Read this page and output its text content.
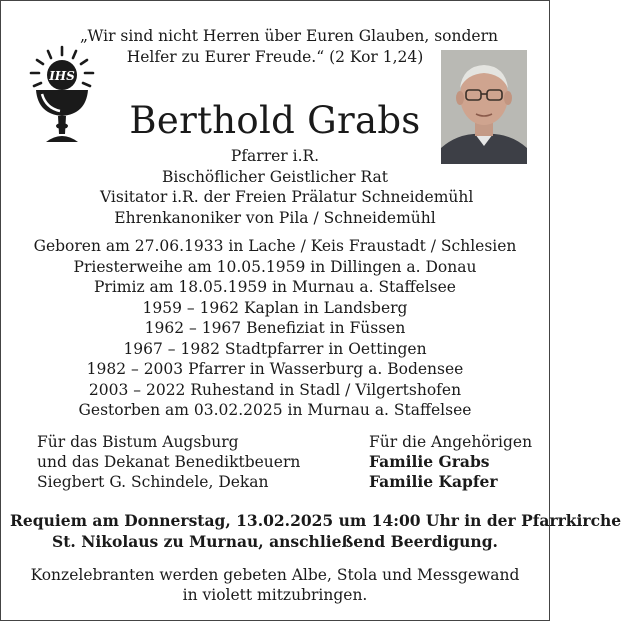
„Wir sind nicht Herren über Euren Glauben, sondern
Helfer zu Eurer Freude.“ (2 Kor 1,24)
IHS
Berthold Grabs
Pfarrer i.R.
Bischöflicher Geistlicher Rat
Visitator i.R. der Freien Prälatur Schneidemühl
Ehrenkanoniker von Pila / Schneidemühl
Geboren am 27.06.1933 in Lache / Keis Fraustadt / Schlesien
Priesterweihe am 10.05.1959 in Dillingen a. Donau
Primiz am 18.05.1959 in Murnau a. Staffelsee
1959 – 1962 Kaplan in Landsberg
1962 – 1967 Benefiziat in Füssen
1967 – 1982 Stadtpfarrer in Oettingen
1982 – 2003 Pfarrer in Wasserburg a. Bodensee
2003 – 2022 Ruhestand in Stadl / Vilgertshofen
Gestorben am 03.02.2025 in Murnau a. Staffelsee
Für das Bistum Augsburg
und das Dekanat Benediktbeuern
Siegbert G. Schindele, Dekan
Für die Angehörigen
Familie Grabs
Familie Kapfer
Requiem am Donnerstag, 13.02.2025 um 14:00 Uhr in der Pfarrkirche
St. Nikolaus zu Murnau, anschließend Beerdigung.
Konzelebranten werden gebeten Albe, Stola und Messgewand
in violett mitzubringen.
